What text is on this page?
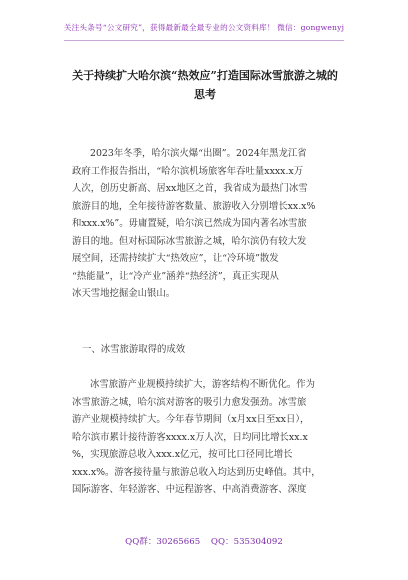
关注头条号“公文研究”，获得最新最全最专业的公文资料库！ 微信：gongwenyj
关于持续扩大哈尔滨“热效应”打造国际冰雪旅游之城的
思考
2023年冬季，哈尔滨火爆“出圈”。2024年黑龙江省
政府工作报告指出，“哈尔滨机场旅客年吞吐量xxxx.x万
人次，创历史新高、居xx地区之首，我省成为最热门冰雪
旅游目的地，全年接待游客数量、旅游收入分别增长xx.x%
和xxx.x%”。毋庸置疑，哈尔滨已然成为国内著名冰雪旅
游目的地。但对标国际冰雪旅游之城，哈尔滨仍有较大发
展空间，还需持续扩大“热效应”，让“冷环境”散发
“热能量”，让“冷产业”涵养“热经济”，真正实现从
冰天雪地挖掘金山银山。
一、冰雪旅游取得的成效
冰雪旅游产业规模持续扩大，游客结构不断优化。作为
冰雪旅游之城，哈尔滨对游客的吸引力愈发强劲。冰雪旅
游产业规模持续扩大。今年春节期间（x月xx日至xx日），
哈尔滨市累计接待游客xxxx.x万人次，日均同比增长xx.x
%，实现旅游总收入xxx.x亿元，按可比口径同比增长
xxx.x%。游客接待量与旅游总收入均达到历史峰值。其中，
国际游客、年轻游客、中远程游客、中高消费游客、深度
QQ群：30265665 QQ：535304092
